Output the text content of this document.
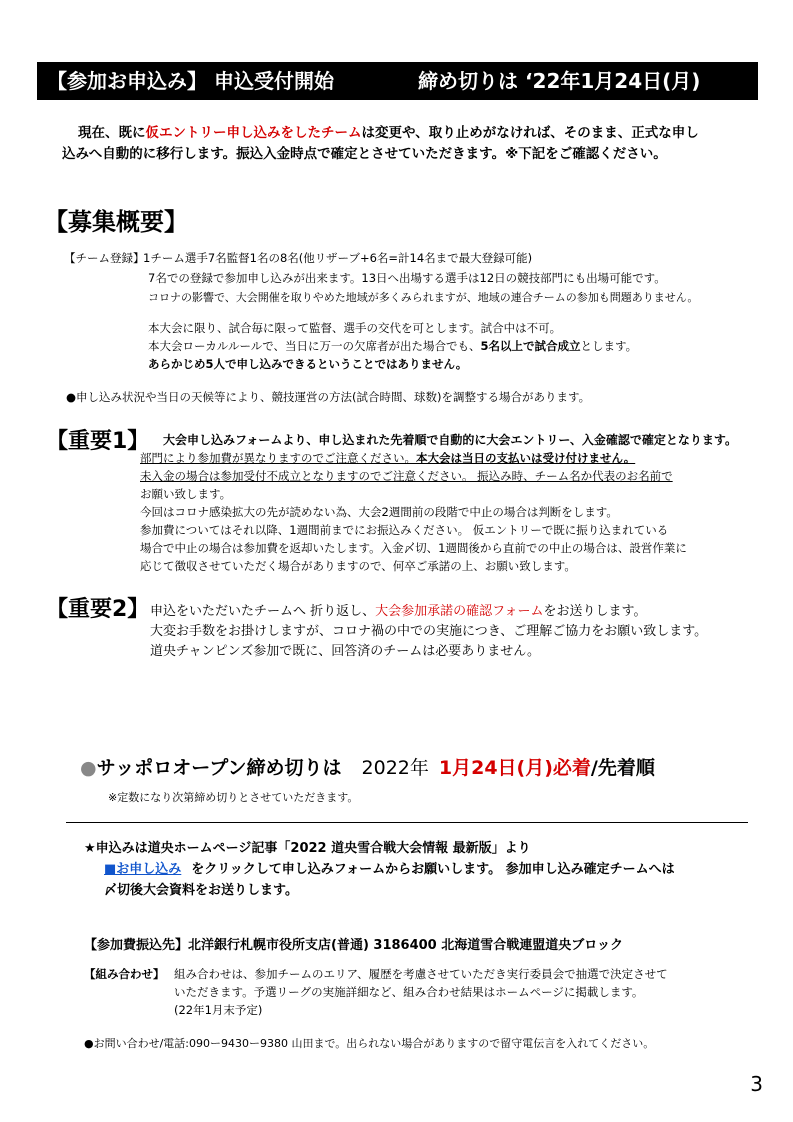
【参加お申込み】 申込受付開始	締め切りは ‘22年1月24日(月)
現在、既に仮エントリー申し込みをしたチームは変更や、取り止めがなければ、そのまま、正式な申し
込みへ自動的に移行します。振込入金時点で確定とさせていただきます。※下記をご確認ください。
【募集概要】
【チーム登録】
1チーム選手7名監督1名の8名(他リザーブ+6名=計14名まで最大登録可能)
7名での登録で参加申し込みが出来ます。13日へ出場する選手は12日の競技部門にも出場可能です。
コロナの影響で、大会開催を取りやめた地域が多くみられますが、地域の連合チームの参加も問題ありません。
本大会に限り、試合毎に限って監督、選手の交代を可とします。試合中は不可。
本大会ローカルルールで、当日に万一の欠席者が出た場合でも、5名以上で試合成立とします。
あらかじめ5人で申し込みできるということではありません。
●申し込み状況や当日の天候等により、競技運営の方法(試合時間、球数)を調整する場合があります。
【重要1】 大会申し込みフォームより、申し込まれた先着順で自動的に大会エントリー、入金確認で確定となります。
部門により参加費が異なりますのでご注意ください。本大会は当日の支払いは受け付けません。
未入金の場合は参加受付不成立となりますのでご注意ください。 振込み時、チーム名か代表のお名前で
お願い致します。
今回はコロナ感染拡大の先が読めない為、大会2週間前の段階で中止の場合は判断をします。
参加費についてはそれ以降、1週間前までにお振込みください。 仮エントリーで既に振り込まれている
場合で中止の場合は参加費を返却いたします。入金〆切、1週間後から直前での中止の場合は、設営作業に
応じて徴収させていただく場合がありますので、何卒ご承諾の上、お願い致します。
【重要2】 申込をいただいたチームへ 折り返し、大会参加承諾の確認フォームをお送りします。
大変お手数をお掛けしますが、コロナ禍の中での実施につき、ご理解ご協力をお願い致します。
道央チャンピンズ参加で既に、回答済のチームは必要ありません。
●サッポロオープン締め切りは 2022年 1月24日(月)必着/先着順
※定数になり次第締め切りとさせていただきます。
★申込みは道央ホームページ記事「2022 道央雪合戦大会情報 最新版」より
■お申し込み をクリックして申し込みフォームからお願いします。 参加申し込み確定チームへは
〆切後大会資料をお送りします。
【参加費振込先】北洋銀行札幌市役所支店(普通) 3186400 北海道雪合戦連盟道央ブロック
【組み合わせ】 組み合わせは、参加チームのエリア、履歴を考慮させていただき実行委員会で抽選で決定させて
いただきます。予選リーグの実施詳細など、組み合わせ結果はホームページに掲載します。
(22年1月末予定)
●お問い合わせ/電話:090ー9430ー9380 山田まで。出られない場合がありますので留守電伝言を入れてください。
3
